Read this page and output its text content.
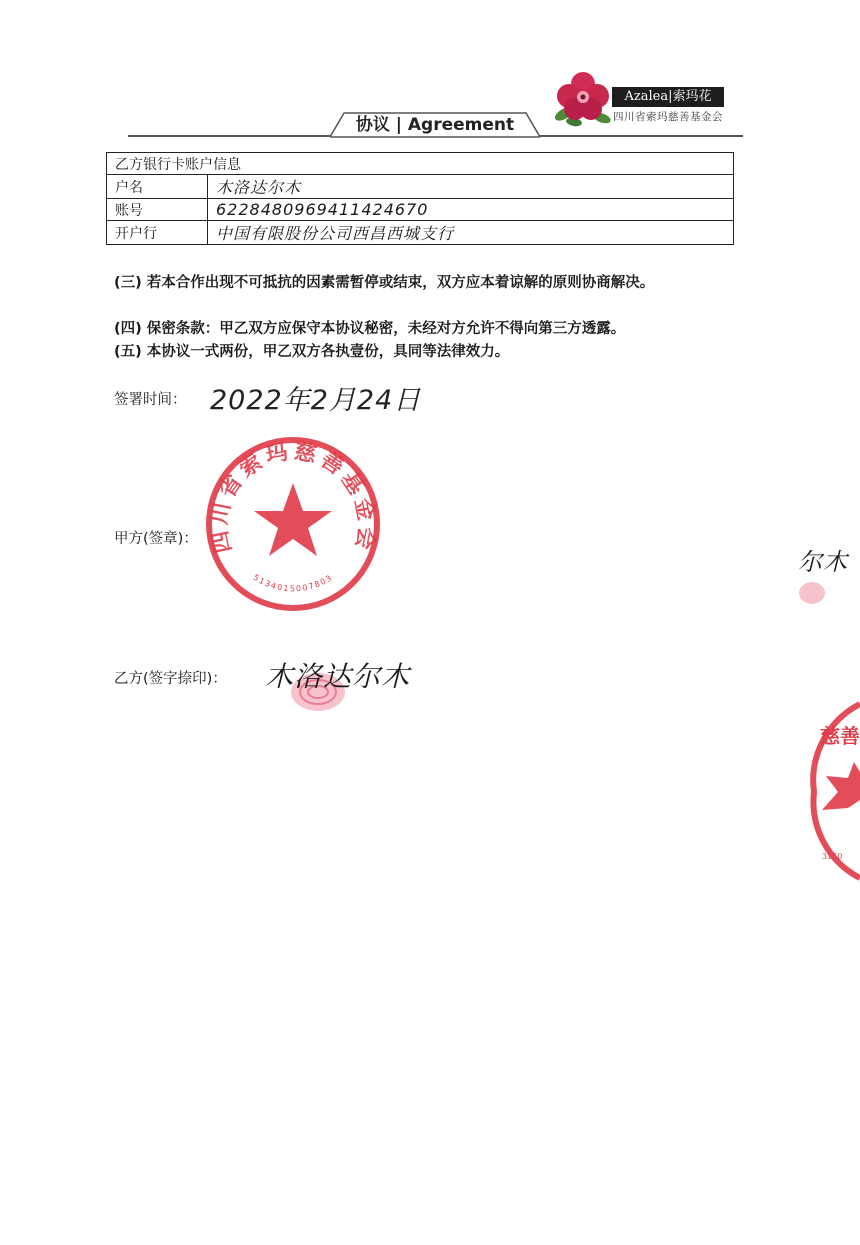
协议 | Agreement
Azalea|索玛花
四川省索玛慈善基金会
乙方银行卡账户信息	
户名	木洛达尔木
账号	6228480969411424670
开户行	中国有限股份公司西昌西城支行
(三) 若本合作出现不可抵抗的因素需暂停或结束，双方应本着谅解的原则协商解决。
(四) 保密条款：甲乙双方应保守本协议秘密，未经对方允许不得向第三方透露。
(五) 本协议一式两份，甲乙双方各执壹份，具同等法律效力。
签署时间： 2022年2月24日
甲方(签章)： 四川省索玛慈善基金会
5134015007803
乙方(签字捺印)： 木洛达尔木
尔木
慈善
3150
